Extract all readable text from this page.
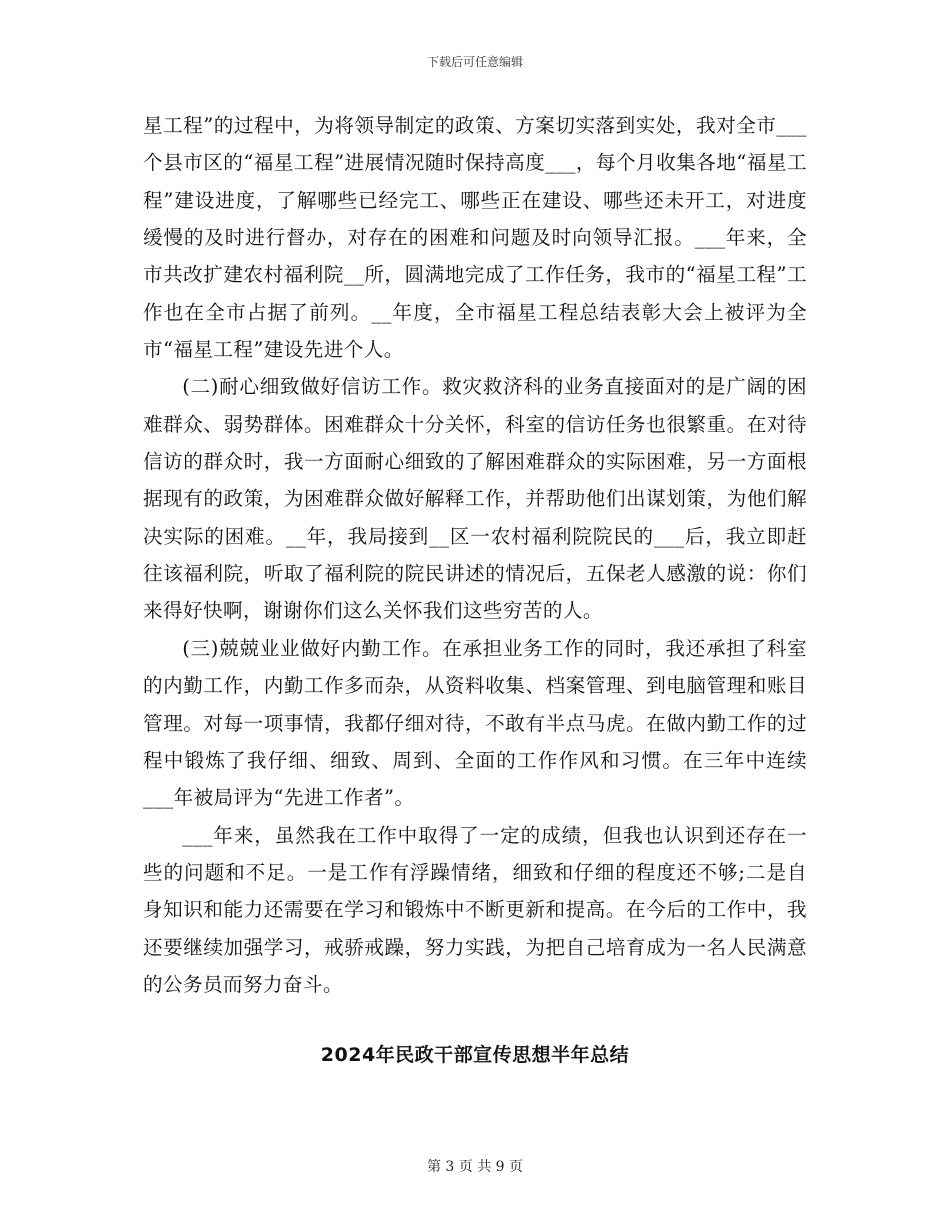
下载后可任意编辑

星工程”的过程中，为将领导制定的政策、方案切实落到实处，我对全市___个县市区的“福星工程”进展情况随时保持高度___，每个月收集各地“福星工程”建设进度，了解哪些已经完工、哪些正在建设、哪些还未开工，对进度缓慢的及时进行督办，对存在的困难和问题及时向领导汇报。___年来，全市共改扩建农村福利院__所，圆满地完成了工作任务，我市的“福星工程”工作也在全市占据了前列。__年度，全市福星工程总结表彰大会上被评为全市“福星工程”建设先进个人。

(二)耐心细致做好信访工作。救灾救济科的业务直接面对的是广阔的困难群众、弱势群体。困难群众十分关怀，科室的信访任务也很繁重。在对待信访的群众时，我一方面耐心细致的了解困难群众的实际困难，另一方面根据现有的政策，为困难群众做好解释工作，并帮助他们出谋划策，为他们解决实际的困难。__年，我局接到__区一农村福利院院民的___后，我立即赶往该福利院，听取了福利院的院民讲述的情况后，五保老人感激的说：你们来得好快啊，谢谢你们这么关怀我们这些穷苦的人。

(三)兢兢业业做好内勤工作。在承担业务工作的同时，我还承担了科室的内勤工作，内勤工作多而杂，从资料收集、档案管理、到电脑管理和账目管理。对每一项事情，我都仔细对待，不敢有半点马虎。在做内勤工作的过程中锻炼了我仔细、细致、周到、全面的工作作风和习惯。在三年中连续___年被局评为“先进工作者”。

___年来，虽然我在工作中取得了一定的成绩，但我也认识到还存在一些的问题和不足。一是工作有浮躁情绪，细致和仔细的程度还不够;二是自身知识和能力还需要在学习和锻炼中不断更新和提高。在今后的工作中，我还要继续加强学习，戒骄戒躁，努力实践，为把自己培育成为一名人民满意的公务员而努力奋斗。

2024年民政干部宣传思想半年总结
第 3 页 共 9 页
